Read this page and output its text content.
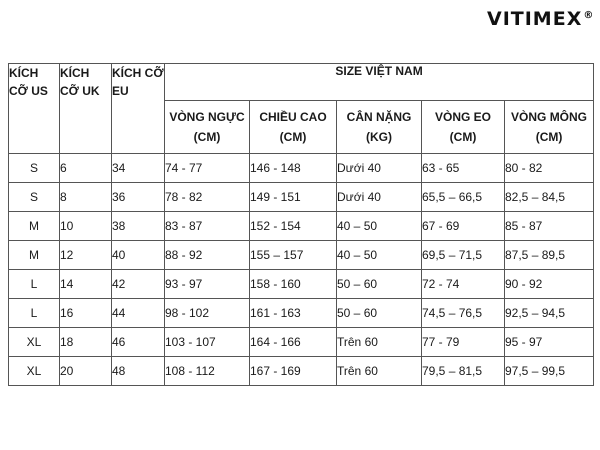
VITIMEX®
KÍCH CỠ US	KÍCH CỠ UK	KÍCH CỠ EU	SIZE VIỆT NAM				
			VÒNG NGỰC (CM)	CHIỀU CAO (CM)	CÂN NẶNG (KG)	VÒNG EO (CM)	VÒNG MÔNG (CM)
S	6	34	74 - 77	146 - 148	Dưới 40	63 - 65	80 - 82
S	8	36	78 - 82	149 - 151	Dưới 40	65,5 – 66,5	82,5 – 84,5
M	10	38	83 - 87	152 - 154	40 – 50	67 - 69	85 - 87
M	12	40	88 - 92	155 – 157	40 – 50	69,5 – 71,5	87,5 – 89,5
L	14	42	93 - 97	158 - 160	50 – 60	72 - 74	90 - 92
L	16	44	98 - 102	161 - 163	50 – 60	74,5 – 76,5	92,5 – 94,5
XL	18	46	103 - 107	164 - 166	Trên 60	77 - 79	95 - 97
XL	20	48	108 - 112	167 - 169	Trên 60	79,5 – 81,5	97,5 – 99,5
